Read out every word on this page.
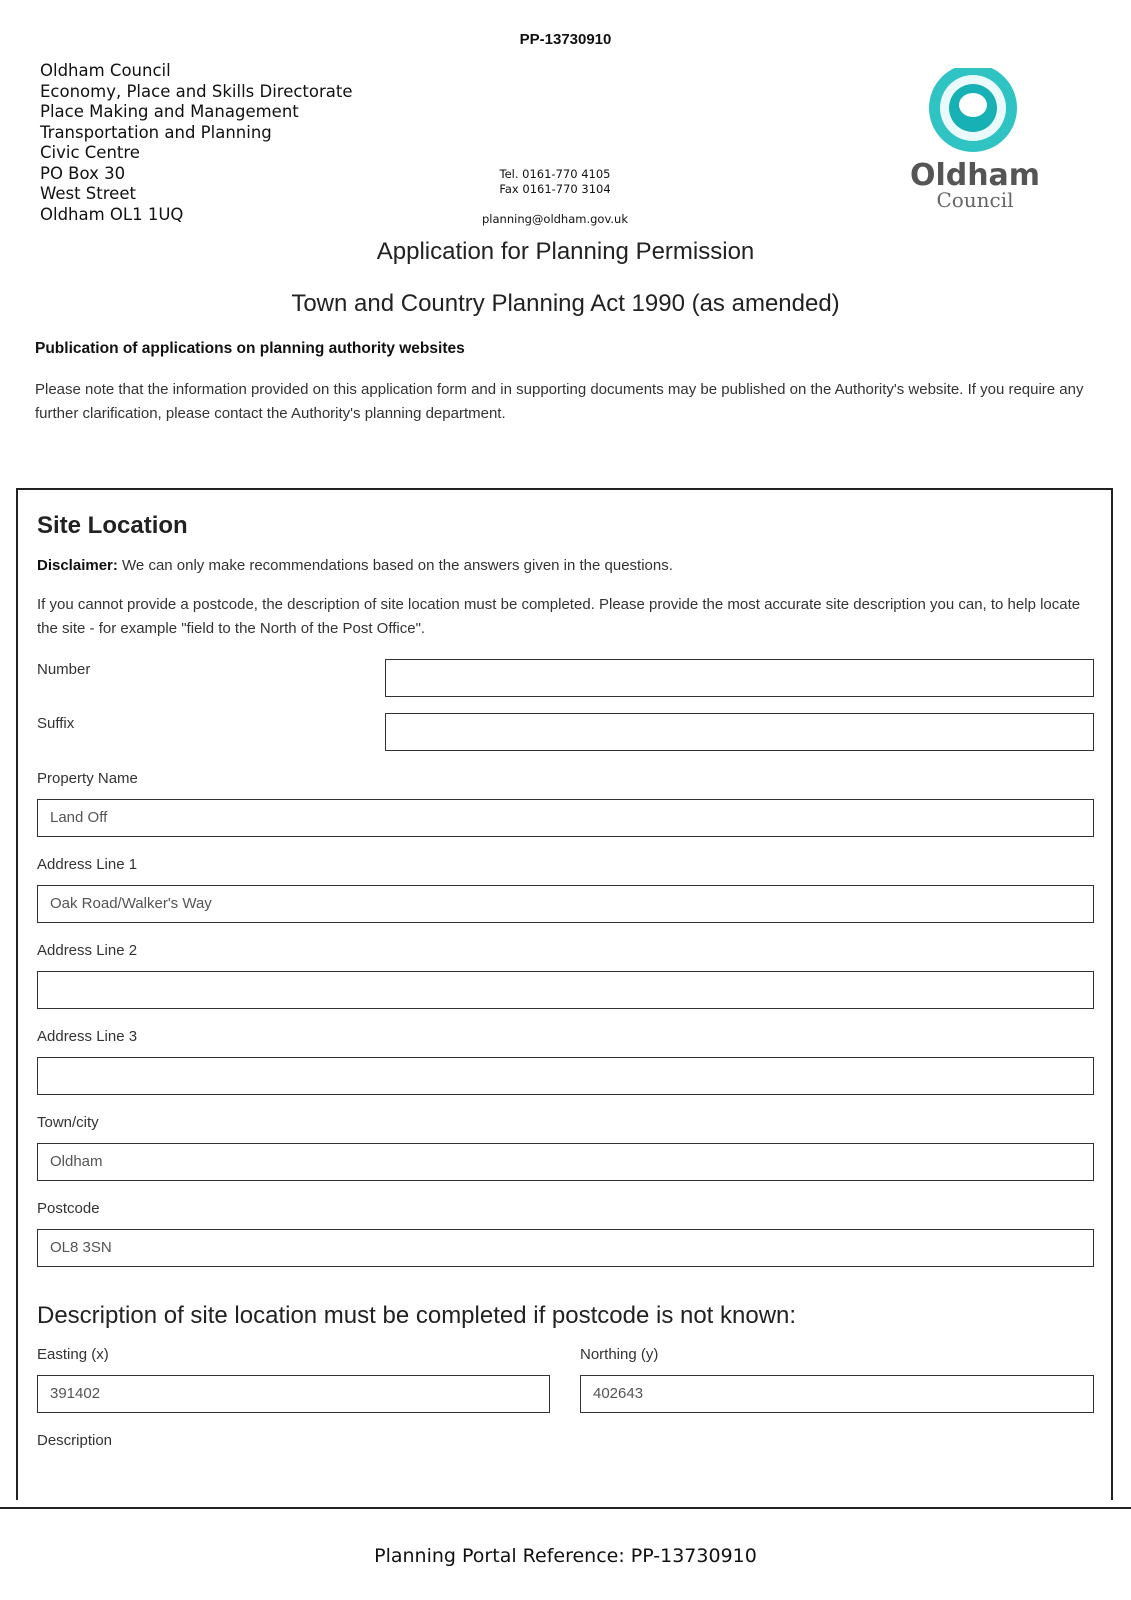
PP-13730910
Oldham Council
Economy, Place and Skills Directorate
Place Making and Management
Transportation and Planning
Civic Centre
PO Box 30
West Street
Oldham OL1 1UQ
Tel. 0161-770 4105
Fax 0161-770 3104
planning@oldham.gov.uk
Oldham
Council
Application for Planning Permission
Town and Country Planning Act 1990 (as amended)
Publication of applications on planning authority websites
Please note that the information provided on this application form and in supporting documents may be published on the Authority's website. If you require any further clarification, please contact the Authority's planning department.
Site Location
Disclaimer: We can only make recommendations based on the answers given in the questions.
If you cannot provide a postcode, the description of site location must be completed. Please provide the most accurate site description you can, to help locate the site - for example "field to the North of the Post Office".
Number
Suffix
Property Name
Land Off
Address Line 1
Oak Road/Walker's Way
Address Line 2
Address Line 3
Town/city
Oldham
Postcode
OL8 3SN
Description of site location must be completed if postcode is not known:
Easting (x)
391402
Northing (y)
402643
Description
Planning Portal Reference: PP-13730910
